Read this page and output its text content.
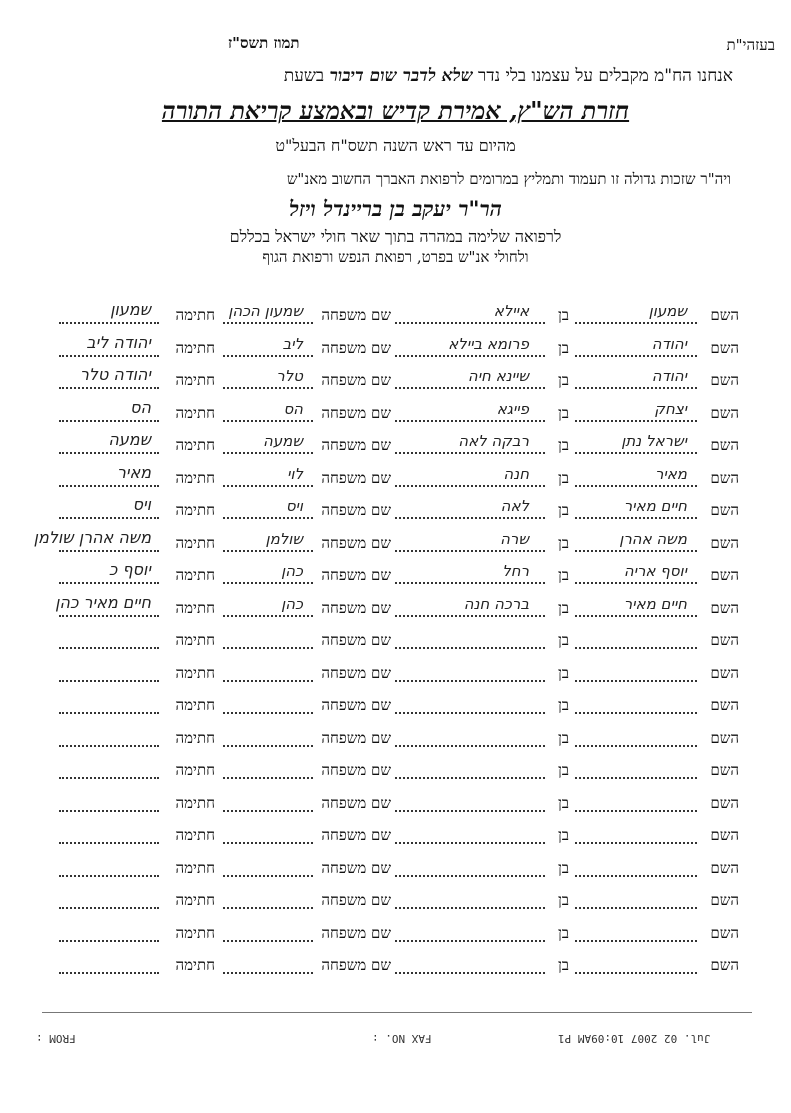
בעזהי"ת
תמוז תשס"ז
אנחנו הח"מ מקבלים על עצמנו בלי נדר שלא לדבר שום דיבור בשעת
חזרת הש"ץ, אמירת קדיש ובאמצע קריאת התורה
מהיום עד ראש השנה תשס"ח הבעל"ט
ויה"ר שזכות גדולה זו תעמוד ותמליץ במרומים לרפואת האברך החשוב מאנ"ש
הר"ר יעקב בן בריינדל ויזל
לרפואה שלימה במהרה בתוך שאר חולי ישראל בכללם
ולחולי אנ"ש בפרט, רפואת הנפש ורפואת הגוף
השם
שמעון
בן
איילא
שם משפחה
שמעון הכהן
חתימה
שמעון
השם
יהודה
בן
פרומא ביילא
שם משפחה
ליב
חתימה
יהודה ליב
השם
יהודה
בן
שיינא חיה
שם משפחה
טלר
חתימה
יהודה טלר
השם
יצחק
בן
פייגא
שם משפחה
הס
חתימה
הס
השם
ישראל נתן
בן
רבקה לאה
שם משפחה
שמעה
חתימה
שמעה
השם
מאיר
בן
חנה
שם משפחה
לוי
חתימה
מאיר
השם
חיים מאיר
בן
לאה
שם משפחה
ויס
חתימה
ויס
השם
משה אהרן
בן
שרה
שם משפחה
שולמן
חתימה
משה אהרן שולמן
השם
יוסף אריה
בן
רחל
שם משפחה
כהן
חתימה
יוסף כ
השם
חיים מאיר
בן
ברכה חנה
שם משפחה
כהן
חתימה
חיים מאיר כהן
השם
בן
שם משפחה
חתימה
השם
בן
שם משפחה
חתימה
השם
בן
שם משפחה
חתימה
השם
בן
שם משפחה
חתימה
השם
בן
שם משפחה
חתימה
השם
בן
שם משפחה
חתימה
השם
בן
שם משפחה
חתימה
השם
בן
שם משפחה
חתימה
השם
בן
שם משפחה
חתימה
השם
בן
שם משפחה
חתימה
השם
בן
שם משפחה
חתימה
FROM :	FAX NO. :	Jul. 02 2007 10:09AM P1
